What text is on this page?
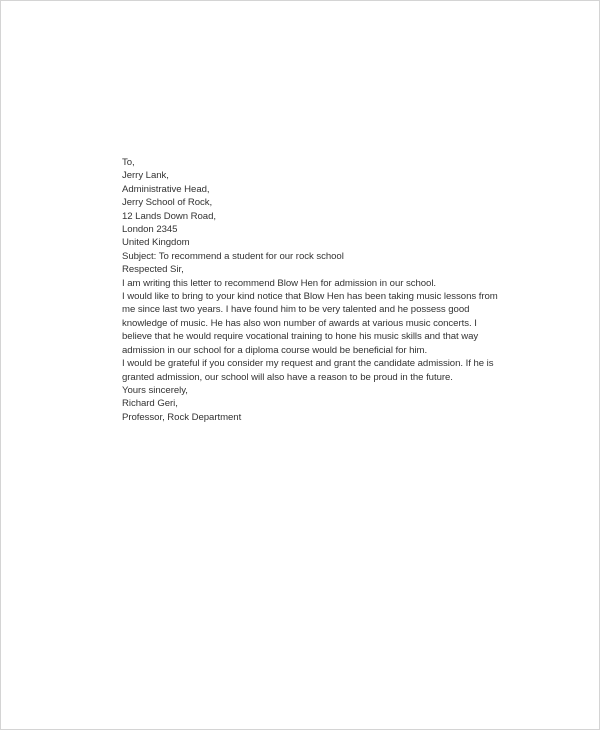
To,
Jerry Lank,
Administrative Head,
Jerry School of Rock,
12 Lands Down Road,
London 2345
United Kingdom
Subject: To recommend a student for our rock school
Respected Sir,
I am writing this letter to recommend Blow Hen for admission in our school.
I would like to bring to your kind notice that Blow Hen has been taking music lessons from
me since last two years. I have found him to be very talented and he possess good
knowledge of music. He has also won number of awards at various music concerts. I
believe that he would require vocational training to hone his music skills and that way
admission in our school for a diploma course would be beneficial for him.
I would be grateful if you consider my request and grant the candidate admission. If he is
granted admission, our school will also have a reason to be proud in the future.
Yours sincerely,
Richard Geri,
Professor, Rock Department
